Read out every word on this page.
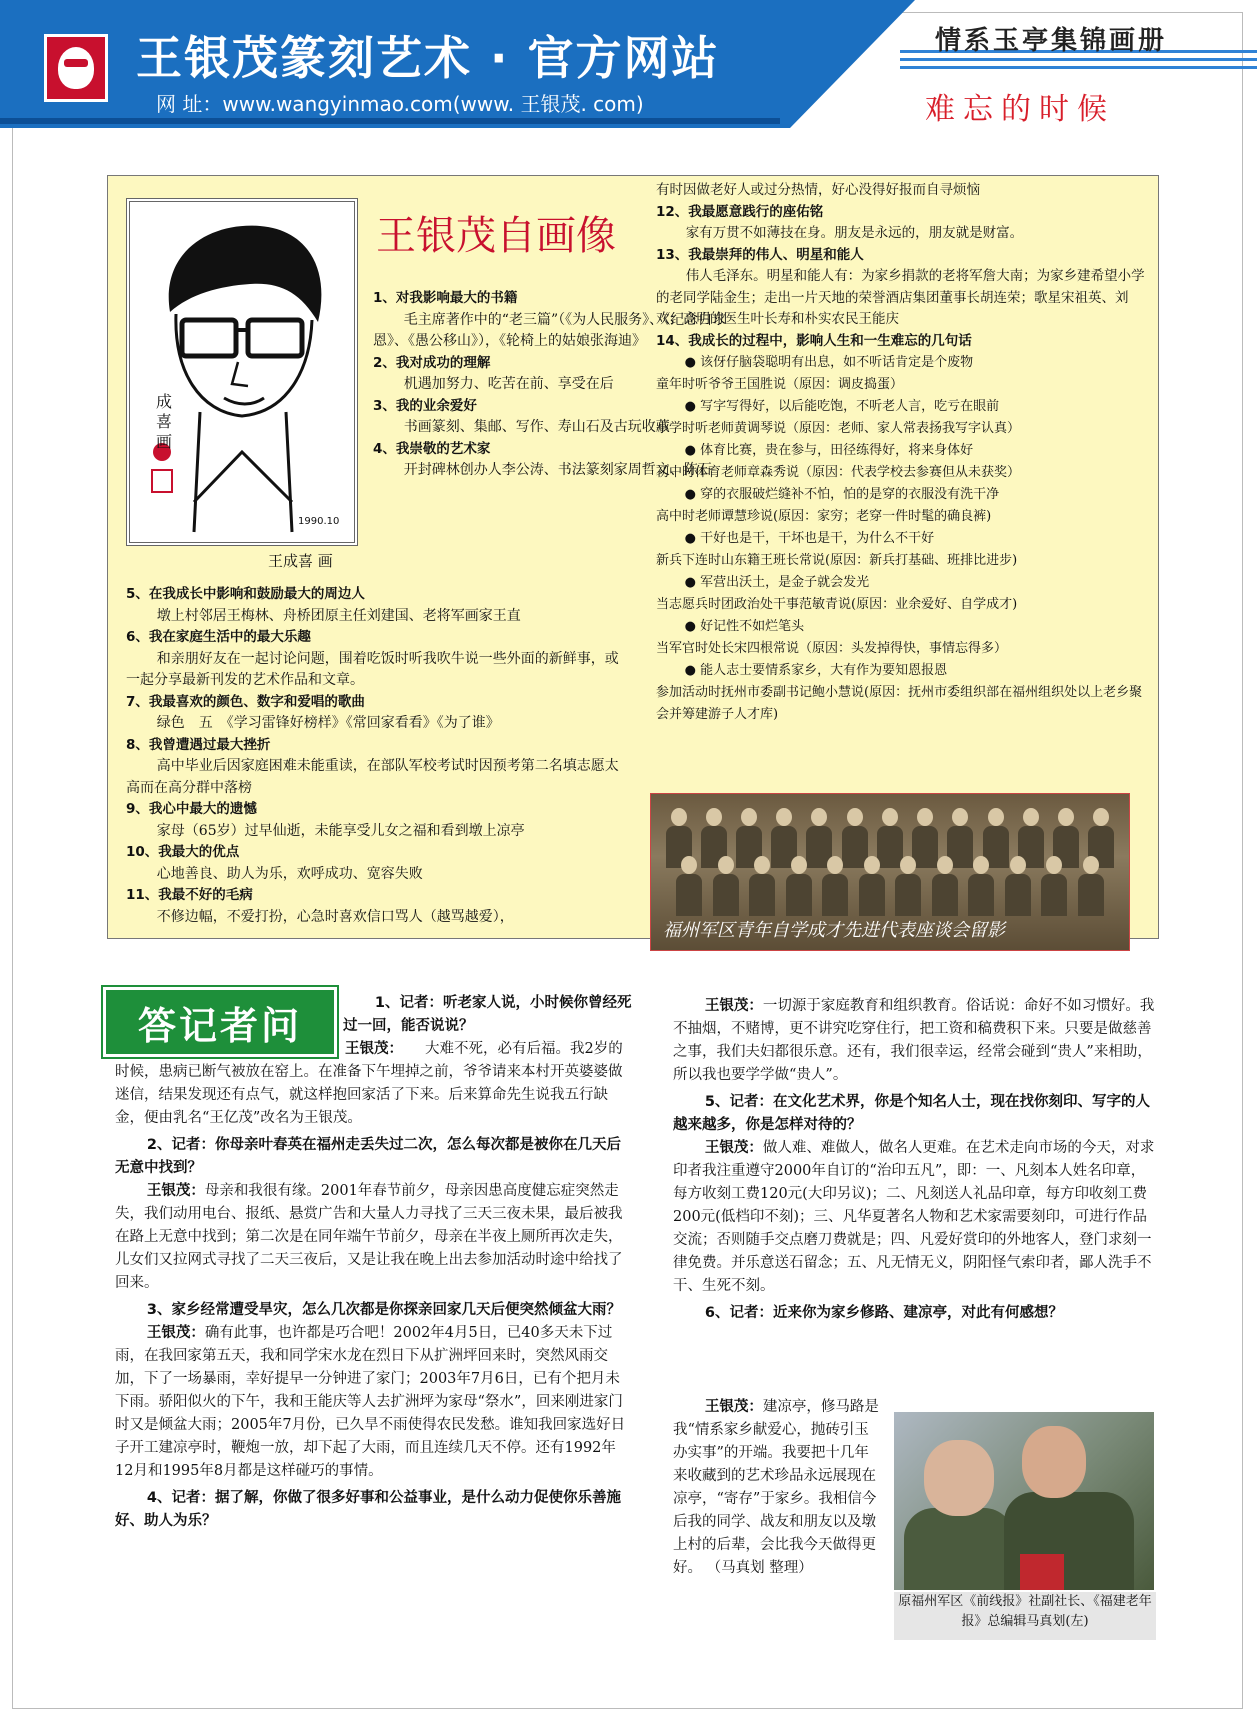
王银茂篆刻艺术 · 官方网站
网 址：www.wangyinmao.com(www. 王银茂. com)
情系玉亭集锦画册
难忘的时候
成喜画
1990.10
王成喜 画
王银茂自画像
1、对我影响最大的书籍
毛主席著作中的“老三篇”（《为人民服务》、《纪念白求恩》、《愚公移山》），《轮椅上的姑娘张海迪》
2、我对成功的理解
机遇加努力、吃苦在前、享受在后
3、我的业余爱好
书画篆刻、集邮、写作、寿山石及古玩收藏
4、我崇敬的艺术家
开封碑林创办人李公涛、书法篆刻家周哲文、陈石
5、在我成长中影响和鼓励最大的周边人
墩上村邻居王梅林、舟桥团原主任刘建国、老将军画家王直
6、我在家庭生活中的最大乐趣
和亲朋好友在一起讨论问题，围着吃饭时听我吹牛说一些外面的新鲜事，或一起分享最新刊发的艺术作品和文章。
7、我最喜欢的颜色、数字和爱唱的歌曲
绿色　五　《学习雷锋好榜样》《常回家看看》《为了谁》
8、我曾遭遇过最大挫折
高中毕业后因家庭困难未能重读，在部队军校考试时因预考第二名填志愿太高而在高分群中落榜
9、我心中最大的遗憾
家母（65岁）过早仙逝，未能享受儿女之福和看到墩上凉亭
10、我最大的优点
心地善良、助人为乐，欢呼成功、宽容失败
11、我最不好的毛病
不修边幅，不爱打扮，心急时喜欢信口骂人（越骂越爱），
有时因做老好人或过分热情，好心没得好报而自寻烦恼
12、我最愿意践行的座佑铭
家有万贯不如薄技在身。朋友是永远的，朋友就是财富。
13、我最崇拜的伟人、明星和能人
伟人毛泽东。明星和能人有：为家乡捐款的老将军詹大南；为家乡建希望小学的老同学陆金生；走出一片天地的荣誉酒店集团董事长胡连荣；歌星宋祖英、刘欢；高明的医生叶长寿和朴实农民王能庆
14、我成长的过程中，影响人生和一生难忘的几句话
● 该伢仔脑袋聪明有出息，如不听话肯定是个废物
童年时听爷爷王国胜说（原因：调皮捣蛋）
● 写字写得好，以后能吃饱，不听老人言，吃亏在眼前
小学时听老师黄调琴说（原因：老师、家人常表扬我写字认真）
● 体育比赛，贵在参与，田径练得好，将来身体好
初中时体育老师章森秀说（原因：代表学校去参赛但从未获奖）
● 穿的衣服破烂缝补不怕，怕的是穿的衣服没有洗干净
高中时老师谭慧珍说(原因：家穷；老穿一件时髦的确良裤)
● 干好也是干，干坏也是干，为什么不干好
新兵下连时山东籍王班长常说(原因：新兵打基础、班排比进步)
● 军营出沃土，是金子就会发光
当志愿兵时团政治处干事范敏青说(原因：业余爱好、自学成才)
● 好记性不如烂笔头
当军官时处长宋四根常说（原因：头发掉得快，事情忘得多）
● 能人志士要情系家乡，大有作为要知恩报恩
参加活动时抚州市委副书记鲍小慧说(原因：抚州市委组织部在福州组织处以上老乡聚会并筹建游子人才库)
福州军区青年自学成才先进代表座谈会留影
答记者问
1、记者：听老家人说，小时候你曾经死过一回，能否说说？
王银茂：	大难不死，必有后福。我2岁的时候，患病已断气被放在窑上。在准备下午埋掉之前，爷爷请来本村开英婆婆做迷信，结果发现还有点气，就这样抱回家活了下来。后来算命先生说我五行缺金，便由乳名“王亿茂”改名为王银茂。
2、记者：你母亲叶春英在福州走丢失过二次，怎么每次都是被你在几天后无意中找到？
王银茂：母亲和我很有缘。2001年春节前夕，母亲因患高度健忘症突然走失，我们动用电台、报纸、悬赏广告和大量人力寻找了三天三夜未果，最后被我在路上无意中找到；第二次是在同年端午节前夕，母亲在半夜上厕所再次走失，儿女们又拉网式寻找了二天三夜后，又是让我在晚上出去参加活动时途中给找了回来。
3、家乡经常遭受旱灾，怎么几次都是你探亲回家几天后便突然倾盆大雨？
王银茂：确有此事，也许都是巧合吧！2002年4月5日，已40多天未下过雨，在我回家第五天，我和同学宋水龙在烈日下从扩洲坪回来时，突然风雨交加，下了一场暴雨，幸好提早一分钟进了家门；2003年7月6日，已有个把月未下雨。骄阳似火的下午，我和王能庆等人去扩洲坪为家母“祭水”，回来刚进家门时又是倾盆大雨；2005年7月份，已久旱不雨使得农民发愁。谁知我回家选好日子开工建凉亭时，鞭炮一放，却下起了大雨，而且连续几天不停。还有1992年12月和1995年8月都是这样碰巧的事情。
4、记者：据了解，你做了很多好事和公益事业，是什么动力促使你乐善施好、助人为乐？
王银茂：一切源于家庭教育和组织教育。俗话说：命好不如习惯好。我不抽烟，不赌博，更不讲究吃穿住行，把工资和稿费积下来。只要是做慈善之事，我们夫妇都很乐意。还有，我们很幸运，经常会碰到“贵人”来相助，所以我也要学学做“贵人”。
5、记者：在文化艺术界，你是个知名人士，现在找你刻印、写字的人越来越多，你是怎样对待的？
王银茂：做人难、难做人，做名人更难。在艺术走向市场的今天，对求印者我注重遵守2000年自订的“治印五凡”，即：一、凡刻本人姓名印章，每方收刻工费120元(大印另议)；二、凡刻送人礼品印章，每方印收刻工费200元(低档印不刻)；三、凡华夏著名人物和艺术家需要刻印，可进行作品交流；否则随手交点磨刀费就是；四、凡爱好赏印的外地客人，登门求刻一律免费。并乐意送石留念；五、凡无情无义，阴阳怪气索印者，鄙人洗手不干、生死不刻。
6、记者：近来你为家乡修路、建凉亭，对此有何感想？
王银茂：建凉亭，修马路是我“情系家乡献爱心，抛砖引玉办实事”的开端。我要把十几年来收藏到的艺术珍品永远展现在凉亭，“寄存”于家乡。我相信今后我的同学、战友和朋友以及墩上村的后辈，会比我今天做得更好。 （马真划 整理）
原福州军区《前线报》社副社长、《福建老年报》总编辑马真划(左)
